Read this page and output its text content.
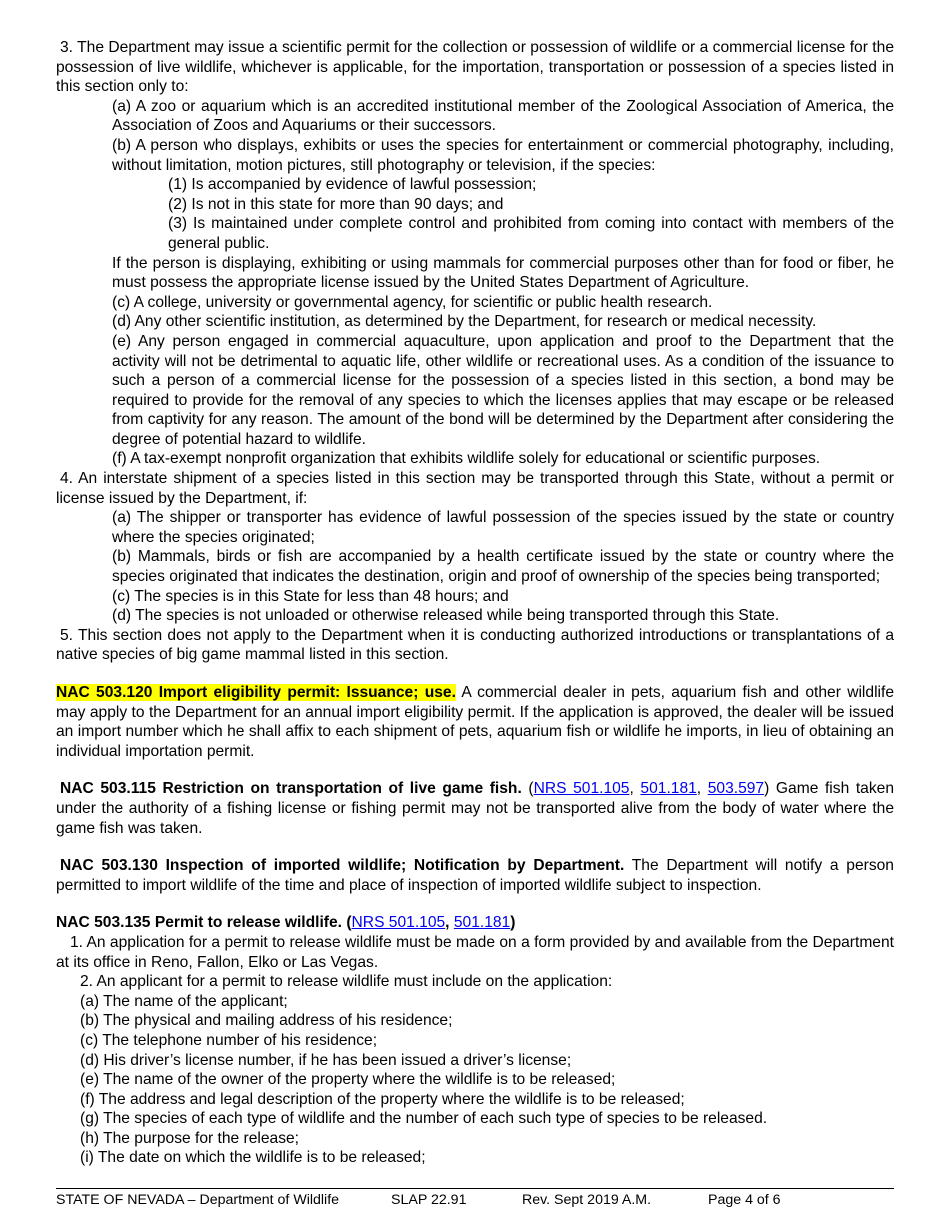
3. The Department may issue a scientific permit for the collection or possession of wildlife or a commercial license for the possession of live wildlife, whichever is applicable, for the importation, transportation or possession of a species listed in this section only to:

(a) A zoo or aquarium which is an accredited institutional member of the Zoological Association of America, the Association of Zoos and Aquariums or their successors.

(b) A person who displays, exhibits or uses the species for entertainment or commercial photography, including, without limitation, motion pictures, still photography or television, if the species:

(1) Is accompanied by evidence of lawful possession;

(2) Is not in this state for more than 90 days; and

(3) Is maintained under complete control and prohibited from coming into contact with members of the general public.

If the person is displaying, exhibiting or using mammals for commercial purposes other than for food or fiber, he must possess the appropriate license issued by the United States Department of Agriculture.

(c) A college, university or governmental agency, for scientific or public health research.

(d) Any other scientific institution, as determined by the Department, for research or medical necessity.

(e) Any person engaged in commercial aquaculture, upon application and proof to the Department that the activity will not be detrimental to aquatic life, other wildlife or recreational uses. As a condition of the issuance to such a person of a commercial license for the possession of a species listed in this section, a bond may be required to provide for the removal of any species to which the licenses applies that may escape or be released from captivity for any reason. The amount of the bond will be determined by the Department after considering the degree of potential hazard to wildlife.

(f) A tax-exempt nonprofit organization that exhibits wildlife solely for educational or scientific purposes.

4. An interstate shipment of a species listed in this section may be transported through this State, without a permit or license issued by the Department, if:

(a) The shipper or transporter has evidence of lawful possession of the species issued by the state or country where the species originated;

(b) Mammals, birds or fish are accompanied by a health certificate issued by the state or country where the species originated that indicates the destination, origin and proof of ownership of the species being transported;

(c) The species is in this State for less than 48 hours; and

(d) The species is not unloaded or otherwise released while being transported through this State.

5. This section does not apply to the Department when it is conducting authorized introductions or transplantations of a native species of big game mammal listed in this section.

NAC 503.120 Import eligibility permit: Issuance; use. A commercial dealer in pets, aquarium fish and other wildlife may apply to the Department for an annual import eligibility permit. If the application is approved, the dealer will be issued an import number which he shall affix to each shipment of pets, aquarium fish or wildlife he imports, in lieu of obtaining an individual importation permit.

NAC 503.115 Restriction on transportation of live game fish. (NRS 501.105, 501.181, 503.597) Game fish taken under the authority of a fishing license or fishing permit may not be transported alive from the body of water where the game fish was taken.

NAC 503.130 Inspection of imported wildlife; Notification by Department. The Department will notify a person permitted to import wildlife of the time and place of inspection of imported wildlife subject to inspection.

NAC 503.135 Permit to release wildlife. (NRS 501.105, 501.181)

1. An application for a permit to release wildlife must be made on a form provided by and available from the Department at its office in Reno, Fallon, Elko or Las Vegas.

2. An applicant for a permit to release wildlife must include on the application:

(a) The name of the applicant;

(b) The physical and mailing address of his residence;

(c) The telephone number of his residence;

(d) His driver’s license number, if he has been issued a driver’s license;

(e) The name of the owner of the property where the wildlife is to be released;

(f) The address and legal description of the property where the wildlife is to be released;

(g) The species of each type of wildlife and the number of each such type of species to be released.

(h) The purpose for the release;

(i) The date on which the wildlife is to be released;

STATE OF NEVADA – Department of Wildlife	SLAP 22.91	Rev. Sept 2019 A.M.	Page 4 of 6
